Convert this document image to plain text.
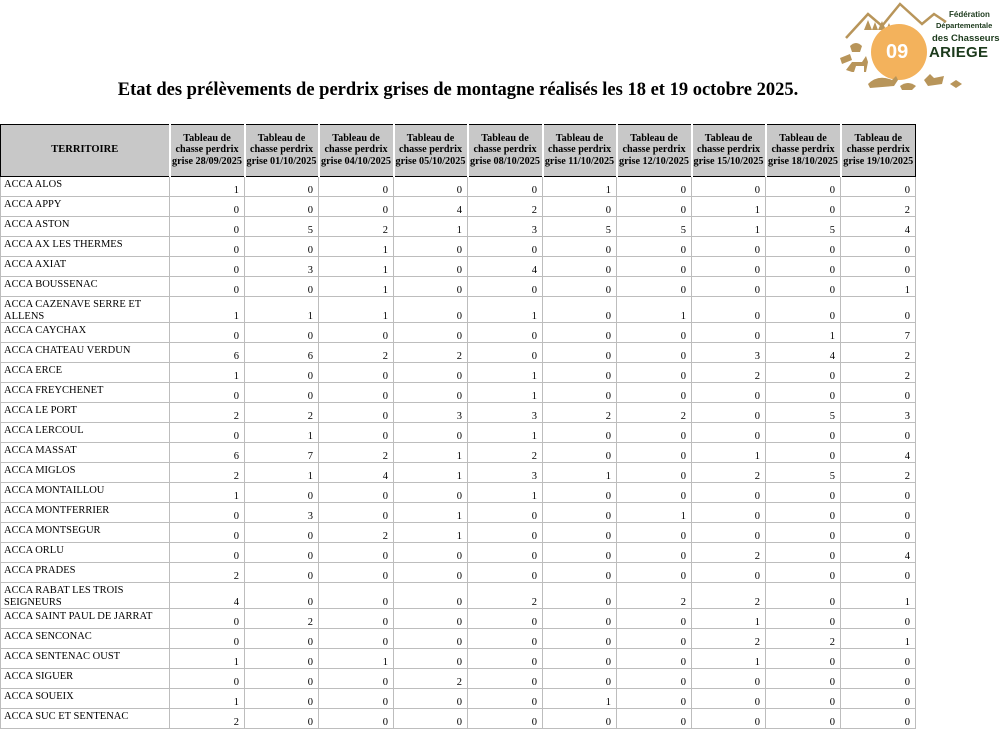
09
Fédération
Départementale
des Chasseurs
ARIEGE
Etat des prélèvements de perdrix grises de montagne réalisés les 18 et 19 octobre 2025.
TERRITOIRE	Tableau de chasse perdrix grise 28/09/2025	Tableau de chasse perdrix grise 01/10/2025	Tableau de chasse perdrix grise 04/10/2025	Tableau de chasse perdrix grise 05/10/2025	Tableau de chasse perdrix grise 08/10/2025	Tableau de chasse perdrix grise 11/10/2025	Tableau de chasse perdrix grise 12/10/2025	Tableau de chasse perdrix grise 15/10/2025	Tableau de chasse perdrix grise 18/10/2025	Tableau de chasse perdrix grise 19/10/2025
ACCA ALOS	1	0	0	0	0	1	0	0	0	0
ACCA APPY	0	0	0	4	2	0	0	1	0	2
ACCA ASTON	0	5	2	1	3	5	5	1	5	4
ACCA AX LES THERMES	0	0	1	0	0	0	0	0	0	0
ACCA AXIAT	0	3	1	0	4	0	0	0	0	0
ACCA BOUSSENAC	0	0	1	0	0	0	0	0	0	1
ACCA CAZENAVE SERRE ET ALLENS	1	1	1	0	1	0	1	0	0	0
ACCA CAYCHAX	0	0	0	0	0	0	0	0	1	7
ACCA CHATEAU VERDUN	6	6	2	2	0	0	0	3	4	2
ACCA ERCE	1	0	0	0	1	0	0	2	0	2
ACCA FREYCHENET	0	0	0	0	1	0	0	0	0	0
ACCA LE PORT	2	2	0	3	3	2	2	0	5	3
ACCA LERCOUL	0	1	0	0	1	0	0	0	0	0
ACCA MASSAT	6	7	2	1	2	0	0	1	0	4
ACCA MIGLOS	2	1	4	1	3	1	0	2	5	2
ACCA MONTAILLOU	1	0	0	0	1	0	0	0	0	0
ACCA MONTFERRIER	0	3	0	1	0	0	1	0	0	0
ACCA MONTSEGUR	0	0	2	1	0	0	0	0	0	0
ACCA ORLU	0	0	0	0	0	0	0	2	0	4
ACCA PRADES	2	0	0	0	0	0	0	0	0	0
ACCA RABAT LES TROIS SEIGNEURS	4	0	0	0	2	0	2	2	0	1
ACCA SAINT PAUL DE JARRAT	0	2	0	0	0	0	0	1	0	0
ACCA SENCONAC	0	0	0	0	0	0	0	2	2	1
ACCA SENTENAC OUST	1	0	1	0	0	0	0	1	0	0
ACCA SIGUER	0	0	0	2	0	0	0	0	0	0
ACCA SOUEIX	1	0	0	0	0	1	0	0	0	0
ACCA SUC ET SENTENAC	2	0	0	0	0	0	0	0	0	0
